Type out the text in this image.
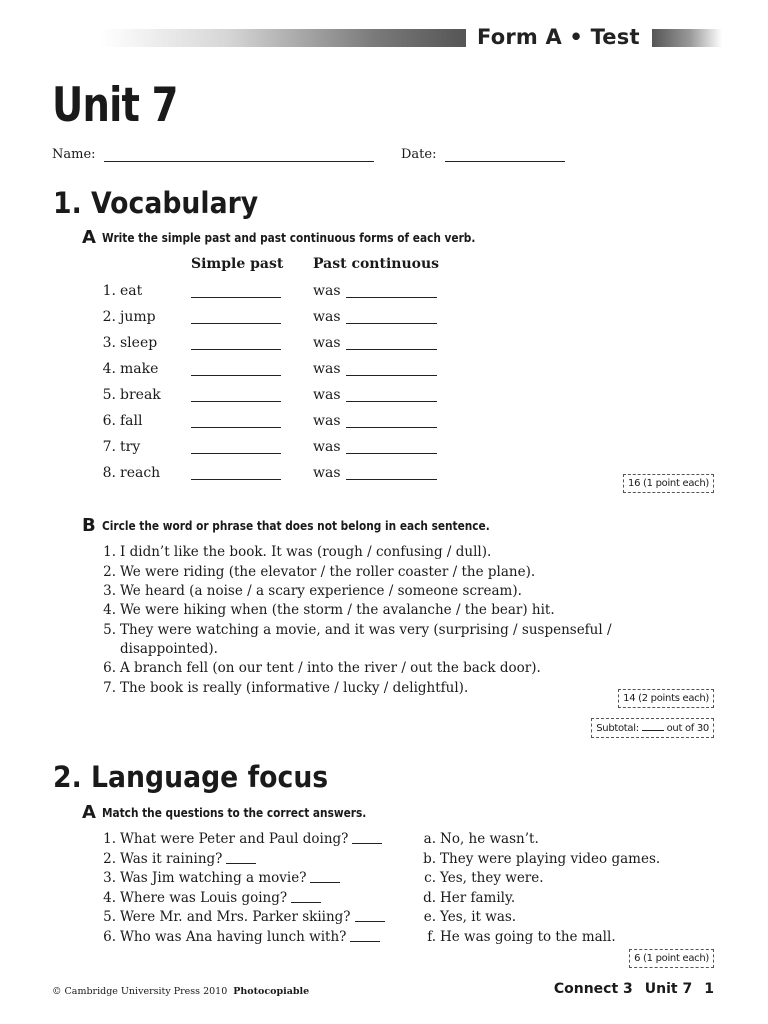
Form A • Test
Unit 7
Name:	Date:
1. Vocabulary
A Write the simple past and past continuous forms of each verb.
Simple past Past continuous
1. eat	was
2. jump	was
3. sleep	was
4. make	was
5. break	was
6. fall	was
7. try	was
8. reach	was
16 (1 point each)
B Circle the word or phrase that does not belong in each sentence.
1. I didn’t like the book. It was (rough / confusing / dull).
2. We were riding (the elevator / the roller coaster / the plane).
3. We heard (a noise / a scary experience / someone scream).
4. We were hiking when (the storm / the avalanche / the bear) hit.
5. They were watching a movie, and it was very (surprising / suspenseful /
disappointed).
6. A branch fell (on our tent / into the river / out the back door).
7. The book is really (informative / lucky / delightful).
14 (2 points each)
Subtotal:	out of 30
2. Language focus
A Match the questions to the correct answers.
1. What were Peter and Paul doing?	a. No, he wasn’t.
2. Was it raining?	b. They were playing video games.
3. Was Jim watching a movie?	c. Yes, they were.
4. Where was Louis going?	d. Her family.
5. Were Mr. and Mrs. Parker skiing?	e. Yes, it was.
6. Who was Ana having lunch with?	f. He was going to the mall.
6 (1 point each)
© Cambridge University Press 2010 Photocopiable	Connect 3 Unit 7 1
